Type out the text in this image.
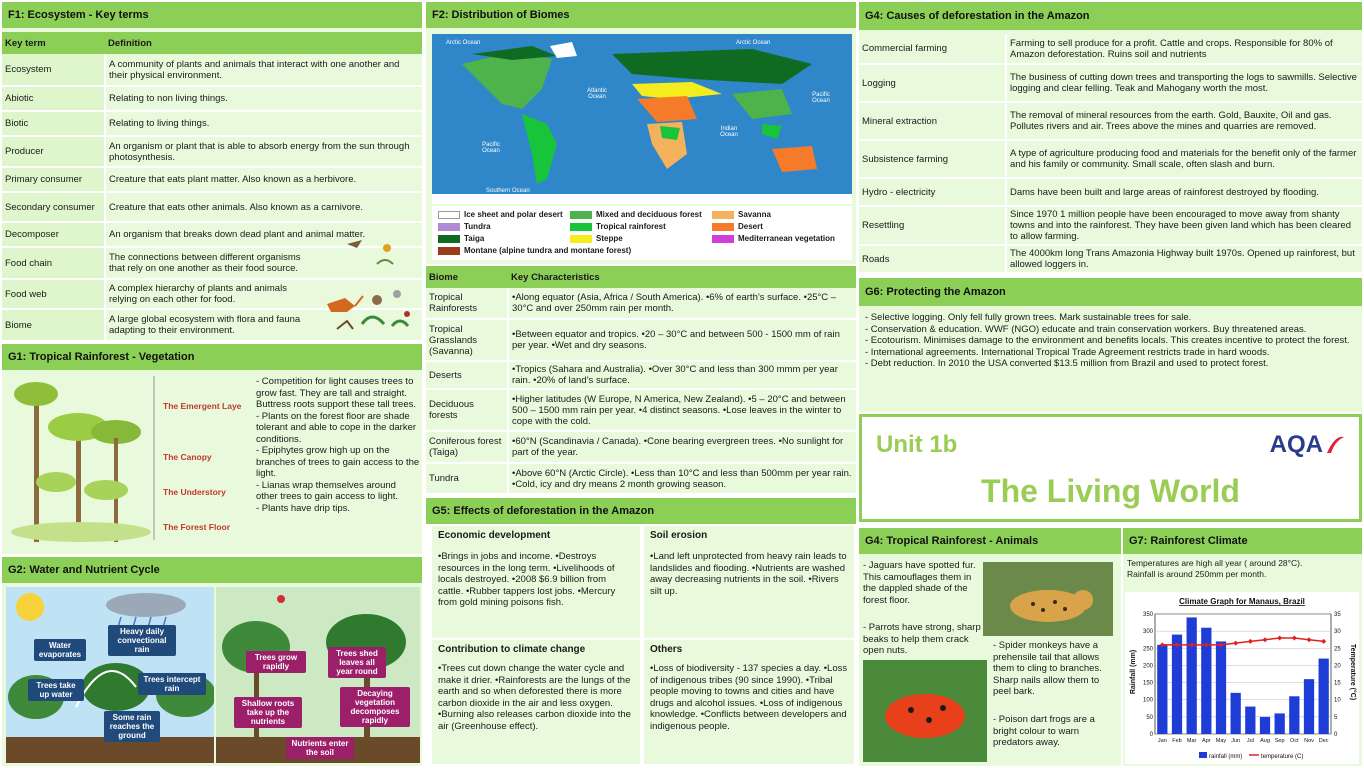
F1: Ecosystem - Key terms
Key term	Definition
Ecosystem	A community of plants and animals that interact with one another and their physical environment.
Abiotic	Relating to non living things.
Biotic	Relating to living things.
Producer	An organism or plant that is able to absorb energy from the sun through photosynthesis.
Primary consumer	Creature that eats plant matter. Also known as a herbivore.
Secondary consumer	Creature that eats other animals. Also known as a carnivore.
Decomposer	An organism that breaks down dead plant and animal matter.
Food chain	The connections between different organisms that rely on one another as their food source.
Food web	A complex hierarchy of plants and animals relying on each other for food.
Biome	A large global ecosystem with flora and fauna adapting to their environment.
G1: Tropical Rainforest - Vegetation
The Emergent Laye
The Canopy
The Understory
The Forest Floor

- Competition for light causes trees to grow fast. They are tall and straight. Buttress roots support these tall trees.

- Plants on the forest floor are shade tolerant and able to cope in the darker conditions.

- Epiphytes grow high up on the branches of trees to gain access to the light.

- Lianas wrap themselves around other trees to gain access to light.

- Plants have drip tips.

G2: Water and Nutrient Cycle
Water evaporates
Heavy daily convectional rain
Trees take up water
Trees intercept rain
Some rain reaches the ground
Trees grow rapidly
Trees shed leaves all year round
Shallow roots take up the nutrients
Decaying vegetation decomposes rapidly
Nutrients enter the soil
F2: Distribution of Biomes
Arctic Ocean	Arctic Ocean
Atlantic Ocean
Pacific Ocean
Pacific Ocean
Indian Ocean
Southern Ocean
Ice sheet and polar desert	Mixed and deciduous forest	Savanna
Tundra	Tropical rainforest	Desert
Taiga	Steppe	Mediterranean vegetation
Montane (alpine tundra and montane forest)
Biome	Key Characteristics
Tropical Rainforests	•Along equator (Asia, Africa / South America). •6% of earth’s surface. •25°C – 30°C and over 250mm rain per month.
Tropical Grasslands (Savanna)	•Between equator and tropics. •20 – 30°C and between 500 - 1500 mm of rain per year. •Wet and dry seasons.
Deserts	•Tropics (Sahara and Australia). •Over 30°C and less than 300 mmm per year rain. •20% of land’s surface.
Deciduous forests	•Higher latitudes (W Europe, N America, New Zealand). •5 – 20°C and between 500 – 1500 mm rain per year. •4 distinct seasons. •Lose leaves in the winter to cope with the cold.
Coniferous forest (Taiga)	•60°N (Scandinavia / Canada). •Cone bearing evergreen trees. •No sunlight for part of the year.
Tundra	•Above 60°N (Arctic Circle). •Less than 10°C and less than 500mm per year rain. •Cold, icy and dry means 2 month growing season.
G5: Effects of deforestation in the Amazon
Economic development

•Brings in jobs and income. •Destroys resources in the long term. •Livelihoods of locals destroyed. •2008 $6.9 billion from cattle. •Rubber tappers lost jobs. •Mercury from gold mining poisons fish.

Soil erosion

•Land left unprotected from heavy rain leads to landslides and flooding. •Nutrients are washed away decreasing nutrients in the soil. •Rivers silt up.

Contribution to climate change

•Trees cut down change the water cycle and make it drier. •Rainforests are the lungs of the earth and so when deforested there is more carbon dioxide in the air and less oxygen. •Burning also releases carbon dioxide into the air (Greenhouse effect).

Others

•Loss of biodiversity - 137 species a day. •Loss of indigenous tribes (90 since 1990). •Tribal people moving to towns and cities and have drugs and alcohol issues. •Loss of indigenous knowledge. •Conflicts between developers and indigenous people.

G4: Causes of deforestation in the Amazon
Commercial farming	Farming to sell produce for a profit. Cattle and crops. Responsible for 80% of Amazon deforestation. Ruins soil and nutrients
Logging	The business of cutting down trees and transporting the logs to sawmills. Selective logging and clear felling. Teak and Mahogany worth the most.
Mineral extraction	The removal of mineral resources from the earth. Gold, Bauxite, Oil and gas. Pollutes rivers and air. Trees above the mines and quarries are removed.
Subsistence farming	A type of agriculture producing food and materials for the benefit only of the farmer and his family or community. Small scale, often slash and burn.
Hydro - electricity	Dams have been built and large areas of rainforest destroyed by flooding.
Resettling	Since 1970 1 million people have been encouraged to move away from shanty towns and into the rainforest. They have been given land which has been cleared to allow farming.
Roads	The 4000km long Trans Amazonia Highway built 1970s. Opened up rainforest, but allowed loggers in.
G6: Protecting the Amazon

- Selective logging. Only fell fully grown trees. Mark sustainable trees for sale.

- Conservation & education. WWF (NGO) educate and train conservation workers. Buy threatened areas.

- Ecotourism. Minimises damage to the environment and benefits locals. This creates incentive to protect the forest.

- International agreements. International Tropical Trade Agreement restricts trade in hard woods.

- Debt reduction. In 2010 the USA converted $13.5 million from Brazil and used to protect forest.

Unit 1b	AQA
The Living World
G4: Tropical Rainforest - Animals

- Jaguars have spotted fur. This camouflages them in the dappled shade of the forest floor.

- Parrots have strong, sharp beaks to help them crack open nuts.	- Spider monkeys have a prehensile tail that allows them to cling to branches. Sharp nails allow them to peel bark.

- Poison dart frogs are a bright colour to warn predators away.

G7: Rainforest Climate

Temperatures are high all year ( around 28°C).

Rainfall is around 250mm per month.

Climate Graph for Manaus, Brazil
Rainfall (mm)	Temperature (°C)
0
50
100
150
200
250
300
350
0
5
10
15
20
25
30
35
Jan Feb Mar Apr May Jun Jul Aug Sep Oct Nov Dec
rainfall (mm)	temperature (C)
